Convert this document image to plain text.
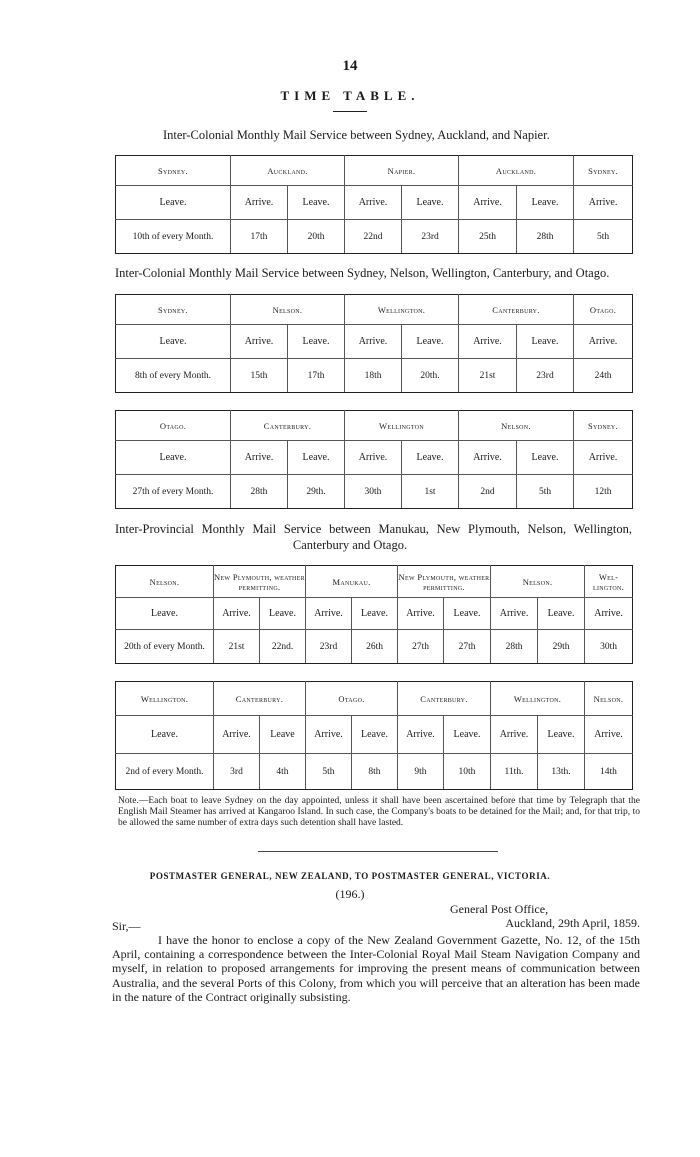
14
TIME TABLE.
Inter-Colonial Monthly Mail Service between Sydney, Auckland, and Napier.
Sydney.	Auckland.		Napier.		Auckland.		Sydney.
Leave.	Arrive.	Leave.	Arrive.	Leave.	Arrive.	Leave.	Arrive.
10th of every Month.	17th	20th	22nd	23rd	25th	28th	5th
Inter-Colonial Monthly Mail Service between Sydney, Nelson, Wellington, Canterbury, and Otago.
Sydney.	Nelson.		Wellington.		Canterbury.		Otago.
Leave.	Arrive.	Leave.	Arrive.	Leave.	Arrive.	Leave.	Arrive.
8th of every Month.	15th	17th	18th	20th.	21st	23rd	24th
Otago.	Canterbury.		Wellington		Nelson.		Sydney.
Leave.	Arrive.	Leave.	Arrive.	Leave.	Arrive.	Leave.	Arrive.
27th of every Month.	28th	29th.	30th	1st	2nd	5th	12th
Inter-Provincial Monthly Mail Service between Manukau, New Plymouth, Nelson, Wellington,
Canterbury and Otago.
Nelson.	New Plymouth, weather permitting.		Manukau.		New Plymouth, weather permitting.		Nelson.		Wel-lington.
Leave.	Arrive.	Leave.	Arrive.	Leave.	Arrive.	Leave.	Arrive.	Leave.	Arrive.
20th of every Month.	21st	22nd.	23rd	26th	27th	27th	28th	29th	30th
Wellington.	Canterbury.		Otago.		Canterbury.		Wellington.		Nelson.
Leave.	Arrive.	Leave	Arrive.	Leave.	Arrive.	Leave.	Arrive.	Leave.	Arrive.
2nd of every Month.	3rd	4th	5th	8th	9th	10th	11th.	13th.	14th
Note.—Each boat to leave Sydney on the day appointed, unless it shall have been ascertained before that time by Telegraph that the English Mail Steamer has arrived at Kangaroo Island. In such case, the Company's boats to be detained for the Mail; and, for that trip, to be allowed the same number of extra days such detention shall have lasted.
POSTMASTER GENERAL, NEW ZEALAND, TO POSTMASTER GENERAL, VICTORIA.
(196.)
General Post Office,
Auckland, 29th April, 1859.
Sir,—
I have the honor to enclose a copy of the New Zealand Government Gazette, No. 12, of the 15th April, containing a correspondence between the Inter-Colonial Royal Mail Steam Navigation Company and myself, in relation to proposed arrangements for improving the present means of communication between Australia, and the several Ports of this Colony, from which you will perceive that an alteration has been made in the nature of the Contract originally subsisting.
